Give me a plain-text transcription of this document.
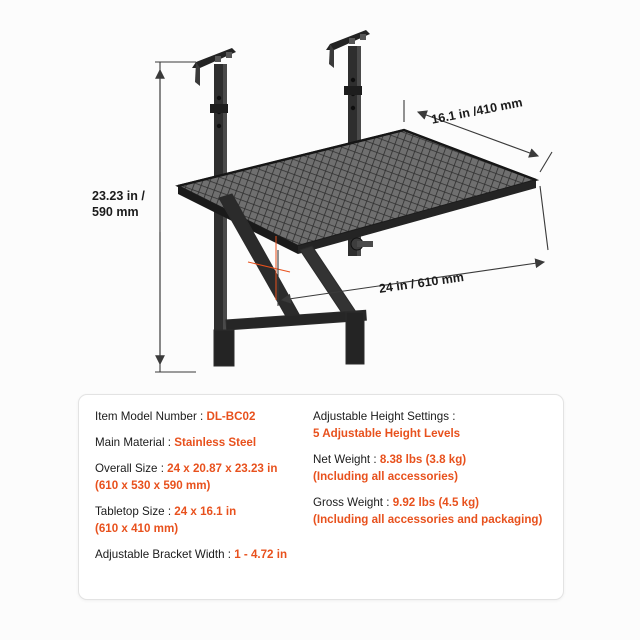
23.23 in /
590 mm
16.1 in /410 mm
24 in / 610 mm
Item Model Number : DL-BC02
Main Material : Stainless Steel
Overall Size : 24 x 20.87 x 23.23 in
(610 x 530 x 590 mm)
Tabletop Size : 24 x 16.1 in
(610 x 410 mm)
Adjustable Bracket Width : 1 - 4.72 in
Adjustable Height Settings :
5 Adjustable Height Levels
Net Weight : 8.38 lbs (3.8 kg)
(Including all accessories)
Gross Weight : 9.92 lbs (4.5 kg)
(Including all accessories and packaging)
